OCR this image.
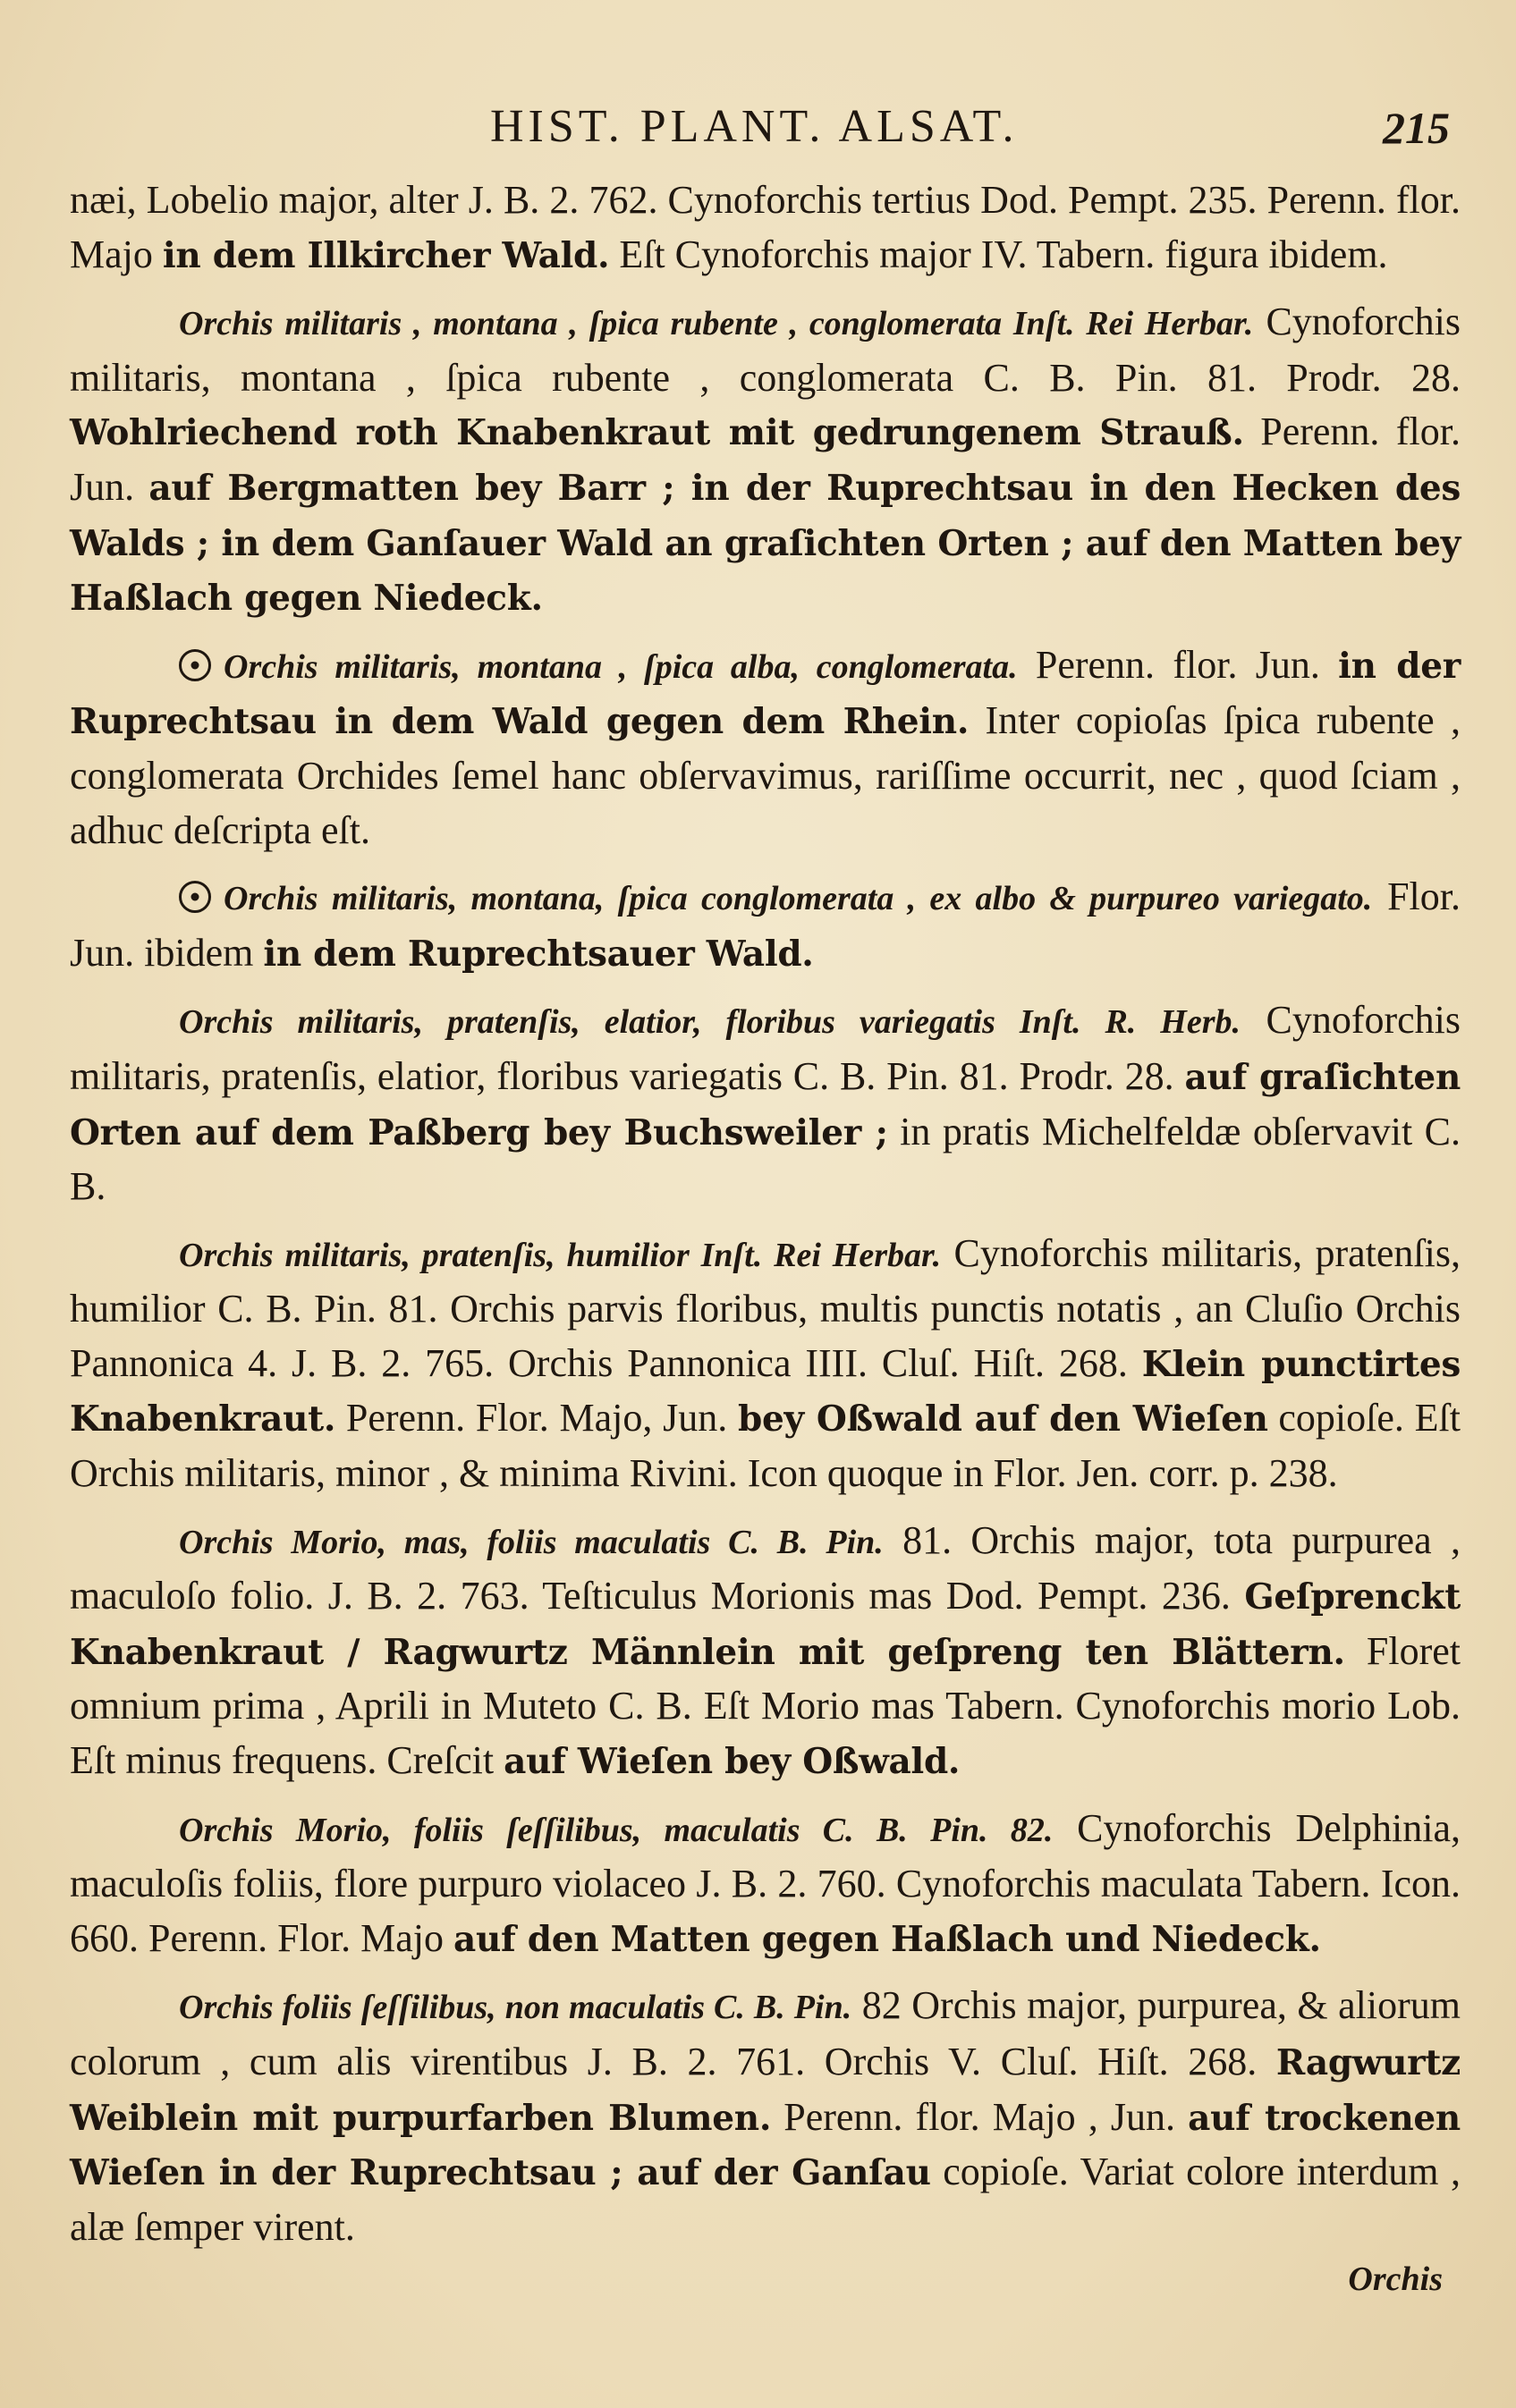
HIST. PLANT. ALSAT.	215

næi, Lobelio major, alter J. B. 2. 762. Cynoforchis tertius Dod. Pempt. 235. Perenn. flor. Majo in dem Illkircher Wald. Eſt Cynoforchis major IV. Tabern. figura ibidem.

Orchis militaris , montana , ſpica rubente , conglomerata Inſt. Rei Herbar. Cynoforchis militaris, montana , ſpica rubente , conglomerata C. B. Pin. 81. Prodr. 28. Wohlriechend roth Knabenkraut mit gedrungenem Strauß. Perenn. flor. Jun. auf Bergmatten bey Barr ; in der Ruprechtsau in den Hecken des Walds ; in dem Ganſauer Wald an graſichten Orten ; auf den Matten bey Haßlach gegen Niedeck.

Orchis militaris, montana , ſpica alba, conglomerata. Perenn. flor. Jun. in der Ruprechtsau in dem Wald gegen dem Rhein. Inter copioſas ſpica rubente , conglomerata Orchides ſemel hanc obſervavimus, rariſſime occurrit, nec , quod ſciam , adhuc deſcripta eſt.

Orchis militaris, montana, ſpica conglomerata , ex albo & purpureo variegato. Flor. Jun. ibidem in dem Ruprechtsauer Wald.

Orchis militaris, pratenſis, elatior, floribus variegatis Inſt. R. Herb. Cynoforchis militaris, pratenſis, elatior, floribus variegatis C. B. Pin. 81. Prodr. 28. auf graſichten Orten auf dem Paßberg bey Buchsweiler ; in pratis Michelfeldæ obſervavit C. B.

Orchis militaris, pratenſis, humilior Inſt. Rei Herbar. Cynoforchis militaris, pratenſis, humilior C. B. Pin. 81. Orchis parvis floribus, multis punctis notatis , an Cluſio Orchis Pannonica 4. J. B. 2. 765. Orchis Pannonica IIII. Cluſ. Hiſt. 268. Klein punctirtes Knabenkraut. Perenn. Flor. Majo, Jun. bey Oßwald auf den Wieſen copioſe. Eſt Orchis militaris, minor , & minima Rivini. Icon quoque in Flor. Jen. corr. p. 238.

Orchis Morio, mas, foliis maculatis C. B. Pin. 81. Orchis major, tota purpurea , maculoſo folio. J. B. 2. 763. Teſticulus Morionis mas Dod. Pempt. 236. Geſprenckt Knabenkraut / Ragwurtz Männlein mit geſpreng ten Blättern. Floret omnium prima , Aprili in Muteto C. B. Eſt Morio mas Tabern. Cynoforchis morio Lob. Eſt minus frequens. Creſcit auf Wieſen bey Oßwald.

Orchis Morio, foliis ſeſſilibus, maculatis C. B. Pin. 82. Cynoforchis Delphinia, maculoſis foliis, flore purpuro violaceo J. B. 2. 760. Cynoforchis maculata Tabern. Icon. 660. Perenn. Flor. Majo auf den Matten gegen Haßlach und Niedeck.

Orchis foliis ſeſſilibus, non maculatis C. B. Pin. 82 Orchis major, purpurea, & aliorum colorum , cum alis virentibus J. B. 2. 761. Orchis V. Cluſ. Hiſt. 268. Ragwurtz Weiblein mit purpurfarben Blumen. Perenn. flor. Majo , Jun. auf trockenen Wieſen in der Ruprechtsau ; auf der Ganſau copioſe. Variat colore interdum , alæ ſemper virent.

Orchis
